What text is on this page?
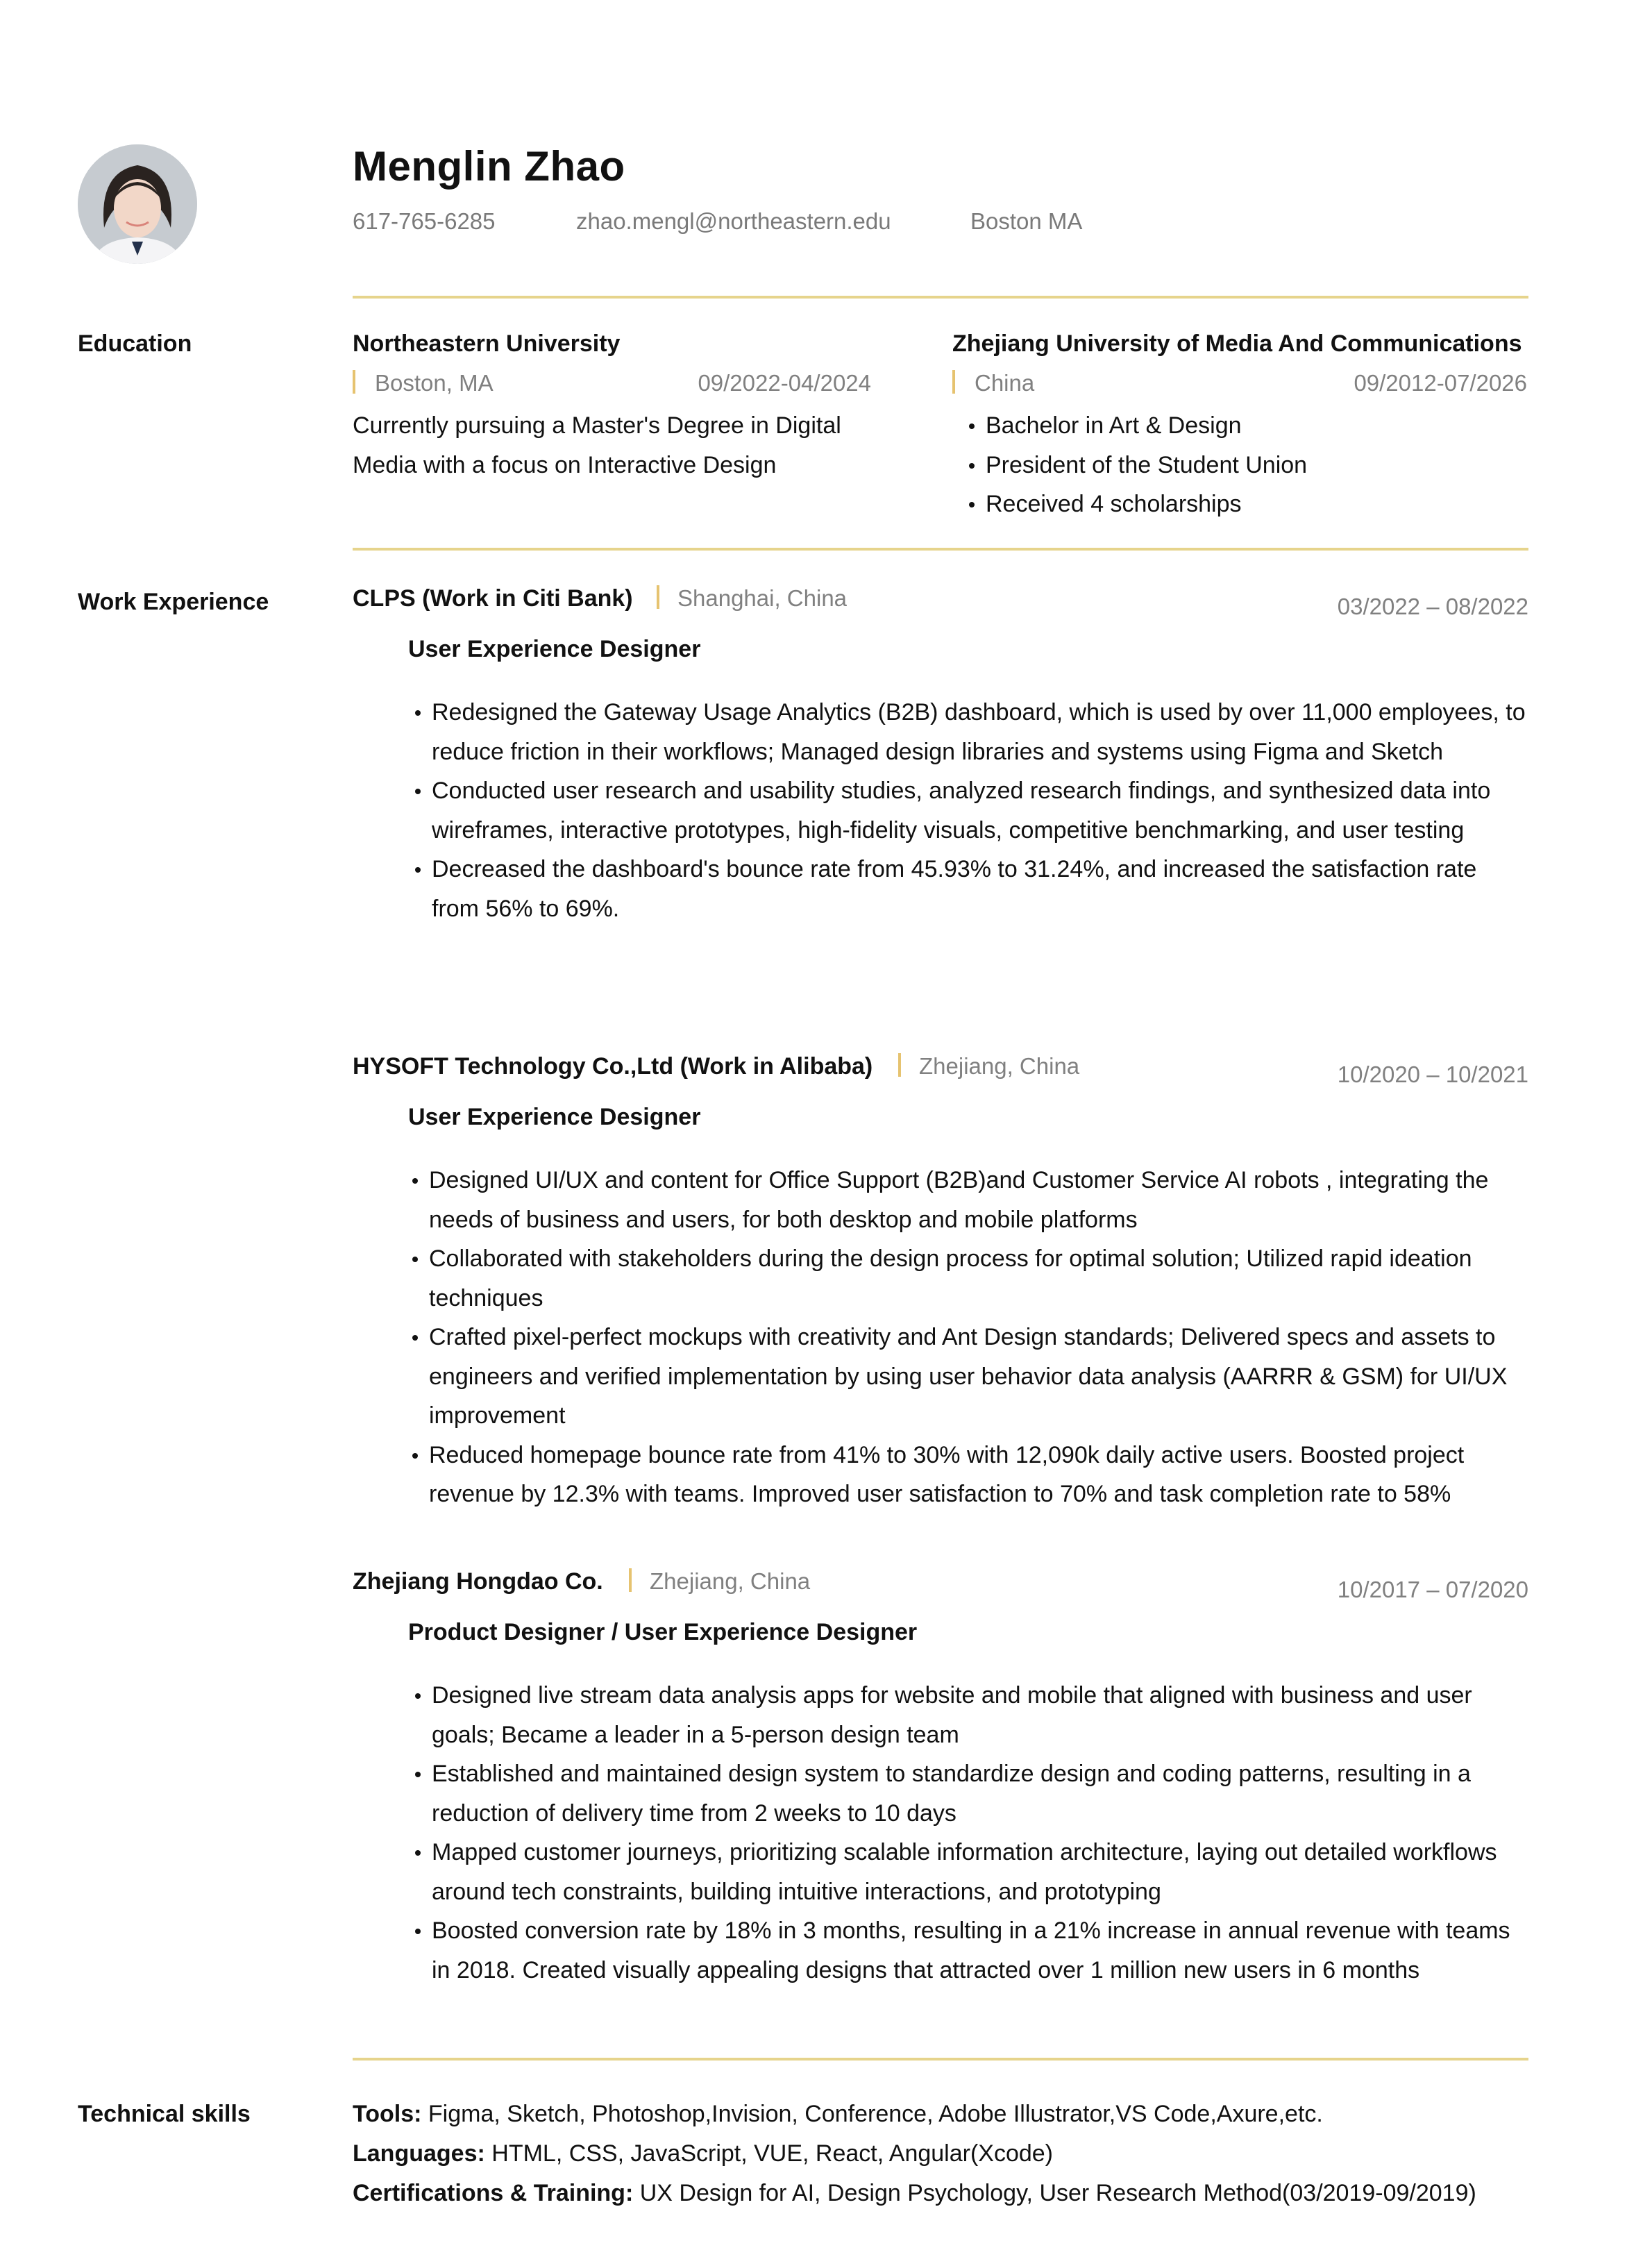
Menglin Zhao
617-765-6285	zhao.mengl@northeastern.edu	Boston MA
Education	Northeastern University
Boston, MA	09/2022-04/2024
Currently pursuing a Master's Degree in Digital
Media with a focus on Interactive Design
Zhejiang University of Media And Communications
China	09/2012-07/2026
Bachelor in Art & Design
President of the Student Union
Received 4 scholarships
Work Experience	CLPS (Work in Citi Bank) Shanghai, China	03/2022 – 08/2022
User Experience Designer
Redesigned the Gateway Usage Analytics (B2B) dashboard, which is used by over 11,000 employees, to reduce friction in their workflows; Managed design libraries and systems using Figma and Sketch
Conducted user research and usability studies, analyzed research findings, and synthesized data into wireframes, interactive prototypes, high-fidelity visuals, competitive benchmarking, and user testing
Decreased the dashboard's bounce rate from 45.93% to 31.24%, and increased the satisfaction rate from 56% to 69%.
HYSOFT Technology Co.,Ltd (Work in Alibaba) Zhejiang, China	10/2020 – 10/2021
User Experience Designer
Designed UI/UX and content for Office Support (B2B)and Customer Service AI robots , integrating the needs of business and users, for both desktop and mobile platforms
Collaborated with stakeholders during the design process for optimal solution; Utilized rapid ideation techniques
Crafted pixel-perfect mockups with creativity and Ant Design standards; Delivered specs and assets to engineers and verified implementation by using user behavior data analysis (AARRR & GSM) for UI/UX improvement
Reduced homepage bounce rate from 41% to 30% with 12,090k daily active users. Boosted project revenue by 12.3% with teams. Improved user satisfaction to 70% and task completion rate to 58%
Zhejiang Hongdao Co. Zhejiang, China	10/2017 – 07/2020
Product Designer / User Experience Designer
Designed live stream data analysis apps for website and mobile that aligned with business and user goals; Became a leader in a 5-person design team
Established and maintained design system to standardize design and coding patterns, resulting in a reduction of delivery time from 2 weeks to 10 days
Mapped customer journeys, prioritizing scalable information architecture, laying out detailed workflows around tech constraints, building intuitive interactions, and prototyping
Boosted conversion rate by 18% in 3 months, resulting in a 21% increase in annual revenue with teams in 2018. Created visually appealing designs that attracted over 1 million new users in 6 months
Technical skills	Tools: Figma, Sketch, Photoshop,Invision, Conference, Adobe Illustrator,VS Code,Axure,etc.
Languages: HTML, CSS, JavaScript, VUE, React, Angular(Xcode)
Certifications & Training: UX Design for AI, Design Psychology, User Research Method(03/2019-09/2019)
